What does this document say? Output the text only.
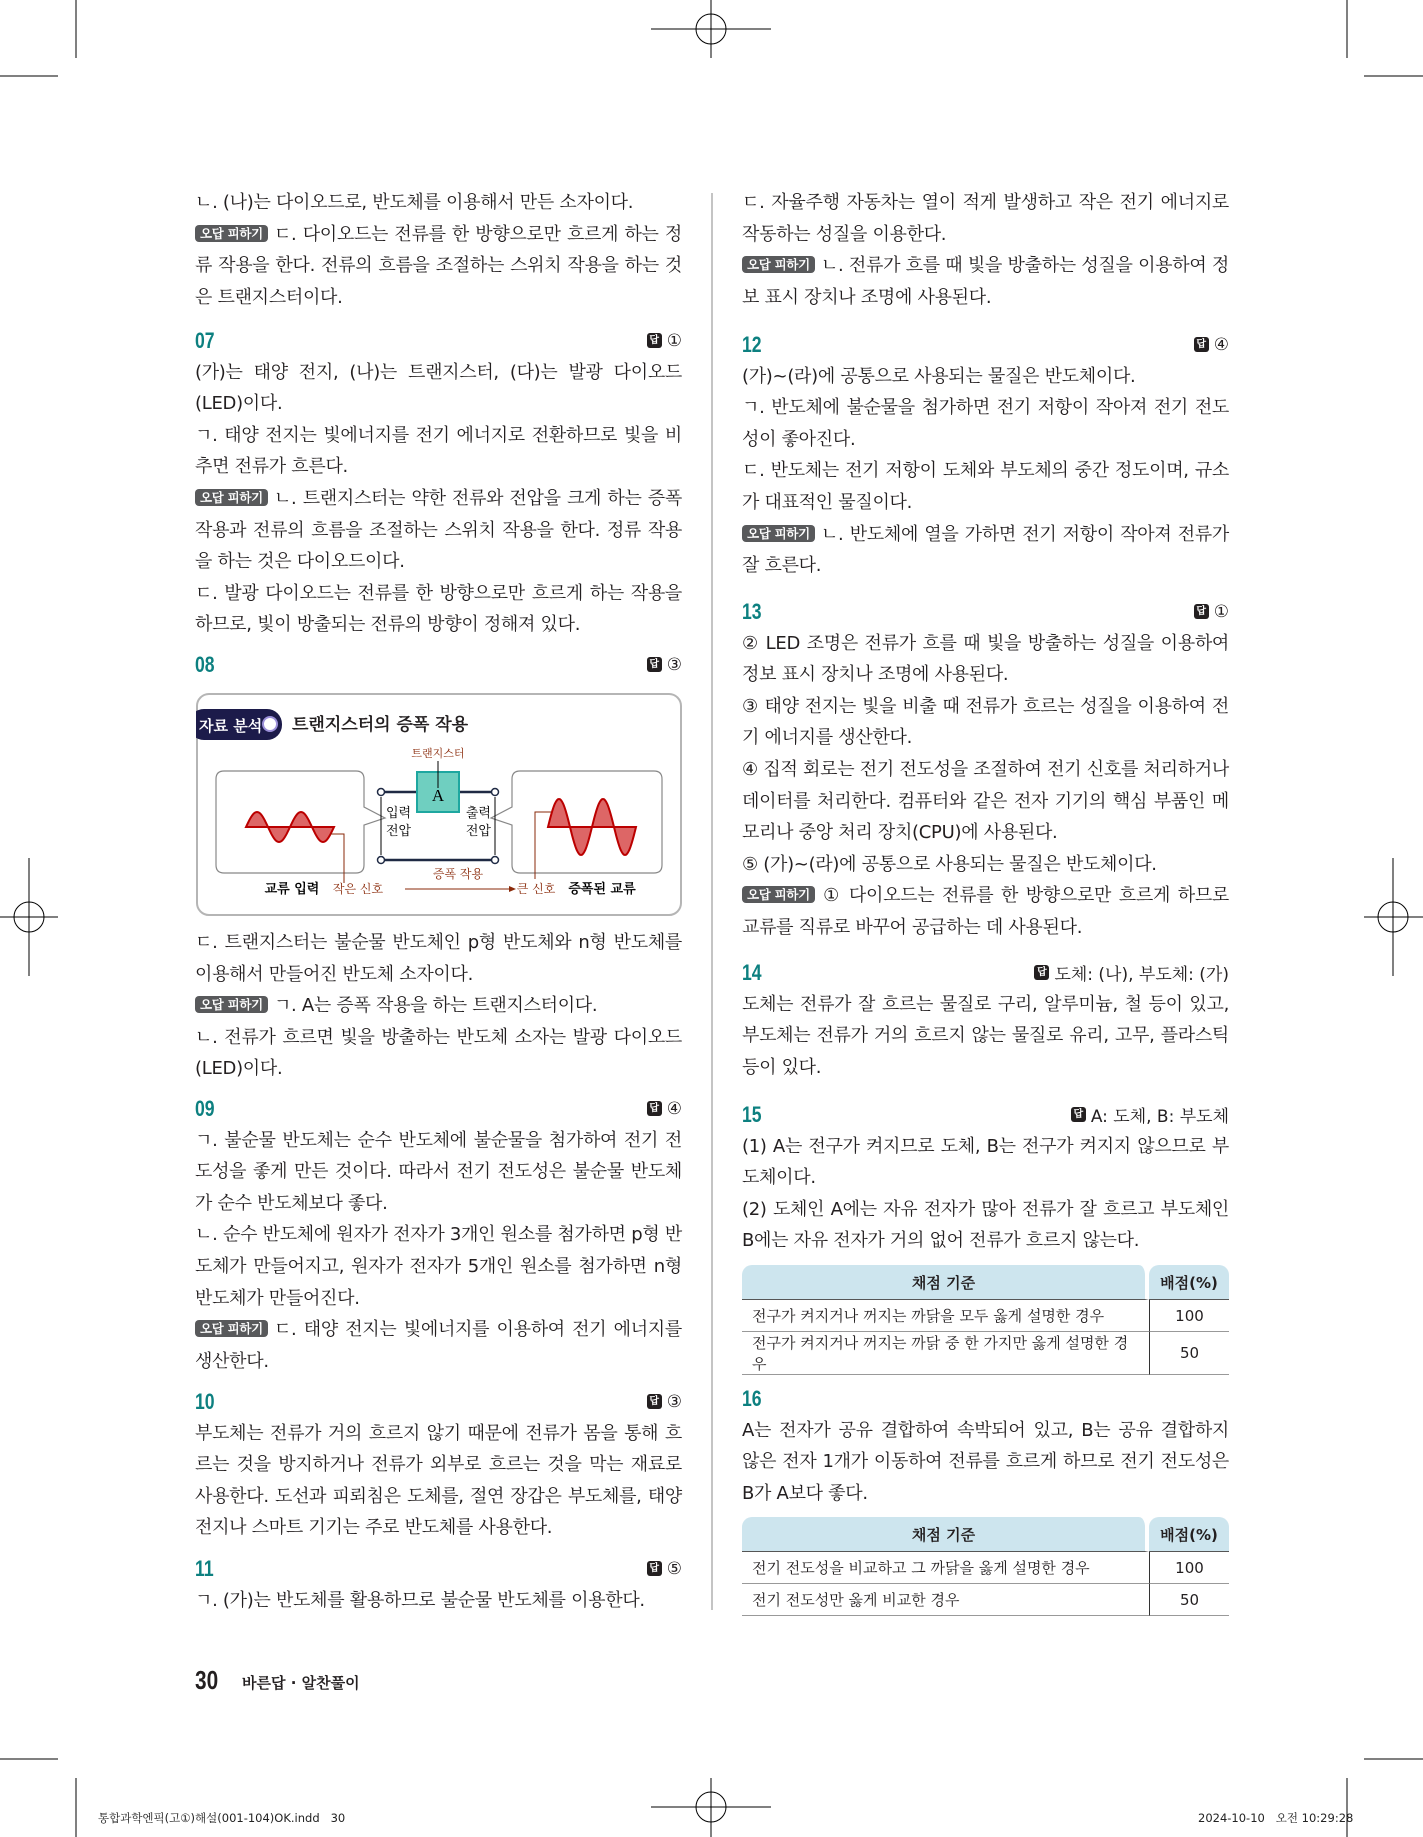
ㄴ. (나)는 다이오드로, 반도체를 이용해서 만든 소자이다.

오답 피하기 ㄷ. 다이오드는 전류를 한 방향으로만 흐르게 하는 정류 작용을 한다. 전류의 흐름을 조절하는 스위치 작용을 하는 것은 트랜지스터이다.

07	답 ①

(가)는 태양 전지, (나)는 트랜지스터, (다)는 발광 다이오드(LED)이다.

ㄱ. 태양 전지는 빛에너지를 전기 에너지로 전환하므로 빛을 비추면 전류가 흐른다.

오답 피하기 ㄴ. 트랜지스터는 약한 전류와 전압을 크게 하는 증폭 작용과 전류의 흐름을 조절하는 스위치 작용을 한다. 정류 작용을 하는 것은 다이오드이다.

ㄷ. 발광 다이오드는 전류를 한 방향으로만 흐르게 하는 작용을 하므로, 빛이 방출되는 전류의 방향이 정해져 있다.

08	답 ③
자료 분석 트랜지스터의 증폭 작용
A
트랜지스터
입력
전압
출력
전압
교류 입력 작은 신호
증폭 작용
큰 신호 증폭된 교류

ㄷ. 트랜지스터는 불순물 반도체인 p형 반도체와 n형 반도체를 이용해서 만들어진 반도체 소자이다.

오답 피하기 ㄱ. A는 증폭 작용을 하는 트랜지스터이다.

ㄴ. 전류가 흐르면 빛을 방출하는 반도체 소자는 발광 다이오드(LED)이다.

09	답 ④

ㄱ. 불순물 반도체는 순수 반도체에 불순물을 첨가하여 전기 전도성을 좋게 만든 것이다. 따라서 전기 전도성은 불순물 반도체가 순수 반도체보다 좋다.

ㄴ. 순수 반도체에 원자가 전자가 3개인 원소를 첨가하면 p형 반도체가 만들어지고, 원자가 전자가 5개인 원소를 첨가하면 n형 반도체가 만들어진다.

오답 피하기 ㄷ. 태양 전지는 빛에너지를 이용하여 전기 에너지를 생산한다.

10	답 ③

부도체는 전류가 거의 흐르지 않기 때문에 전류가 몸을 통해 흐르는 것을 방지하거나 전류가 외부로 흐르는 것을 막는 재료로 사용한다. 도선과 피뢰침은 도체를, 절연 장갑은 부도체를, 태양 전지나 스마트 기기는 주로 반도체를 사용한다.

11	답 ⑤

ㄱ. (가)는 반도체를 활용하므로 불순물 반도체를 이용한다.

ㄷ. 자율주행 자동차는 열이 적게 발생하고 작은 전기 에너지로 작동하는 성질을 이용한다.

오답 피하기 ㄴ. 전류가 흐를 때 빛을 방출하는 성질을 이용하여 정보 표시 장치나 조명에 사용된다.

12	답 ④

(가)~(라)에 공통으로 사용되는 물질은 반도체이다.

ㄱ. 반도체에 불순물을 첨가하면 전기 저항이 작아져 전기 전도성이 좋아진다.

ㄷ. 반도체는 전기 저항이 도체와 부도체의 중간 정도이며, 규소가 대표적인 물질이다.

오답 피하기 ㄴ. 반도체에 열을 가하면 전기 저항이 작아져 전류가 잘 흐른다.

13	답 ①

② LED 조명은 전류가 흐를 때 빛을 방출하는 성질을 이용하여 정보 표시 장치나 조명에 사용된다.

③ 태양 전지는 빛을 비출 때 전류가 흐르는 성질을 이용하여 전기 에너지를 생산한다.

④ 집적 회로는 전기 전도성을 조절하여 전기 신호를 처리하거나 데이터를 처리한다. 컴퓨터와 같은 전자 기기의 핵심 부품인 메모리나 중앙 처리 장치(CPU)에 사용된다.

⑤ (가)~(라)에 공통으로 사용되는 물질은 반도체이다.

오답 피하기 ① 다이오드는 전류를 한 방향으로만 흐르게 하므로 교류를 직류로 바꾸어 공급하는 데 사용된다.

14	답 도체: (나), 부도체: (가)

도체는 전류가 잘 흐르는 물질로 구리, 알루미늄, 철 등이 있고, 부도체는 전류가 거의 흐르지 않는 물질로 유리, 고무, 플라스틱 등이 있다.

15	답 A: 도체, B: 부도체

(1) A는 전구가 켜지므로 도체, B는 전구가 켜지지 않으므로 부도체이다.

(2) 도체인 A에는 자유 전자가 많아 전류가 잘 흐르고 부도체인 B에는 자유 전자가 거의 없어 전류가 흐르지 않는다.

채점 기준	배점(%)
전구가 켜지거나 꺼지는 까닭을 모두 옳게 설명한 경우	100
전구가 켜지거나 꺼지는 까닭 중 한 가지만 옳게 설명한 경우	50
16

A는 전자가 공유 결합하여 속박되어 있고, B는 공유 결합하지 않은 전자 1개가 이동하여 전류를 흐르게 하므로 전기 전도성은 B가 A보다 좋다.

채점 기준	배점(%)
전기 전도성을 비교하고 그 까닭을 옳게 설명한 경우	100
전기 전도성만 옳게 비교한 경우	50
30 바른답 · 알찬풀이
통합과학엔픽(고①)해설(001-104)OK.indd   30	2024-10-10   오전 10:29:28
